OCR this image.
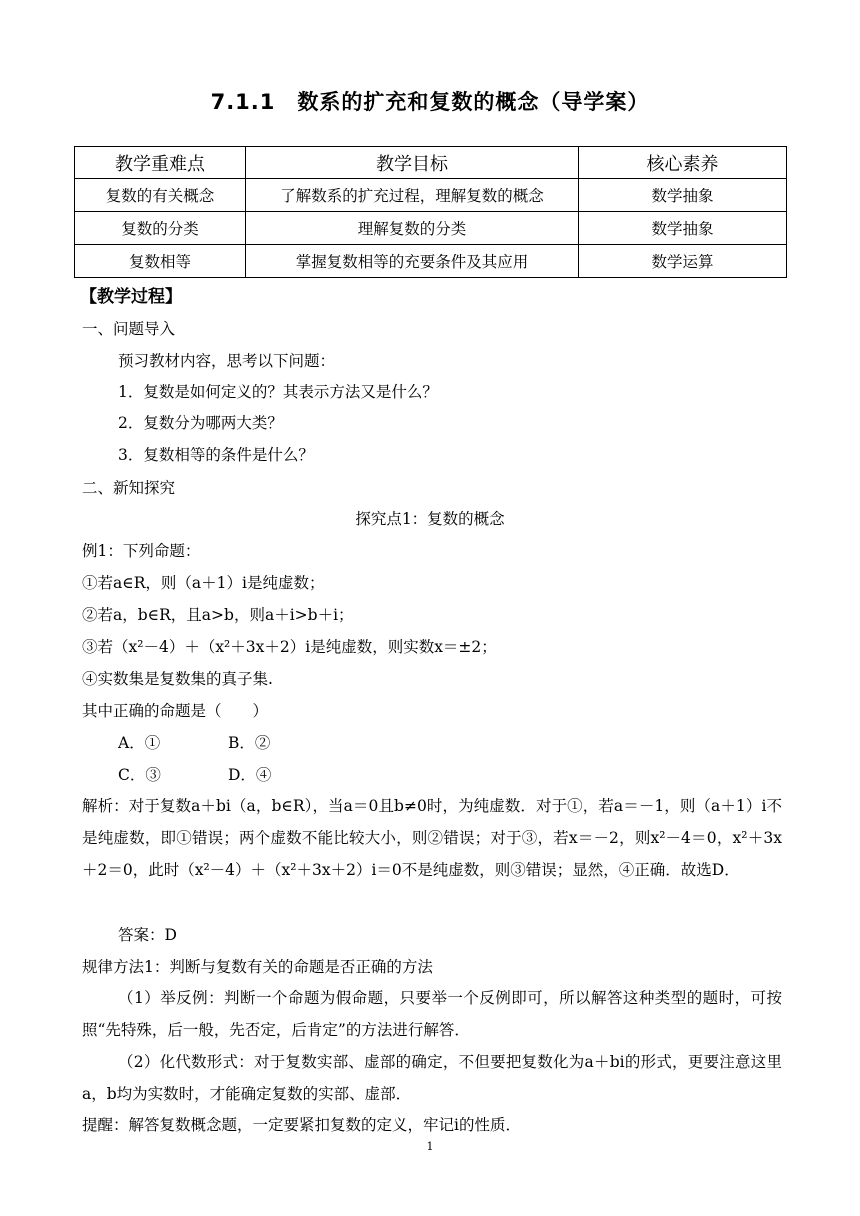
7.1.1　数系的扩充和复数的概念（导学案）
教学重难点	教学目标	核心素养
复数的有关概念	了解数系的扩充过程，理解复数的概念	数学抽象
复数的分类	理解复数的分类	数学抽象
复数相等	掌握复数相等的充要条件及其应用	数学运算
【教学过程】
一、问题导入
预习教材内容，思考以下问题：
1．复数是如何定义的？其表示方法又是什么？
2．复数分为哪两大类？
3．复数相等的条件是什么？
二、新知探究
探究点1：复数的概念
例1：下列命题：
①若a∈R，则（a＋1）i是纯虚数；
②若a，b∈R，且a>b，则a＋i>b＋i；
③若（x²－4）＋（x²＋3x＋2）i是纯虚数，则实数x＝±2；
④实数集是复数集的真子集.
其中正确的命题是（　　）
A．①	B．②
C．③	D．④
解析：对于复数a＋bi（a，b∈R），当a＝0且b≠0时，为纯虚数．对于①，若a＝－1，则（a＋1）i不是纯虚数，即①错误；两个虚数不能比较大小，则②错误；对于③，若x＝－2，则x²－4＝0，x²＋3x＋2＝0，此时（x²－4）＋（x²＋3x＋2）i＝0不是纯虚数，则③错误；显然，④正确．故选D．
答案：D
规律方法1：判断与复数有关的命题是否正确的方法
（1）举反例：判断一个命题为假命题，只要举一个反例即可，所以解答这种类型的题时，可按照“先特殊，后一般，先否定，后肯定”的方法进行解答．
（2）化代数形式：对于复数实部、虚部的确定，不但要把复数化为a＋bi的形式，更要注意这里a，b均为实数时，才能确定复数的实部、虚部．
提醒：解答复数概念题，一定要紧扣复数的定义，牢记i的性质．
1
